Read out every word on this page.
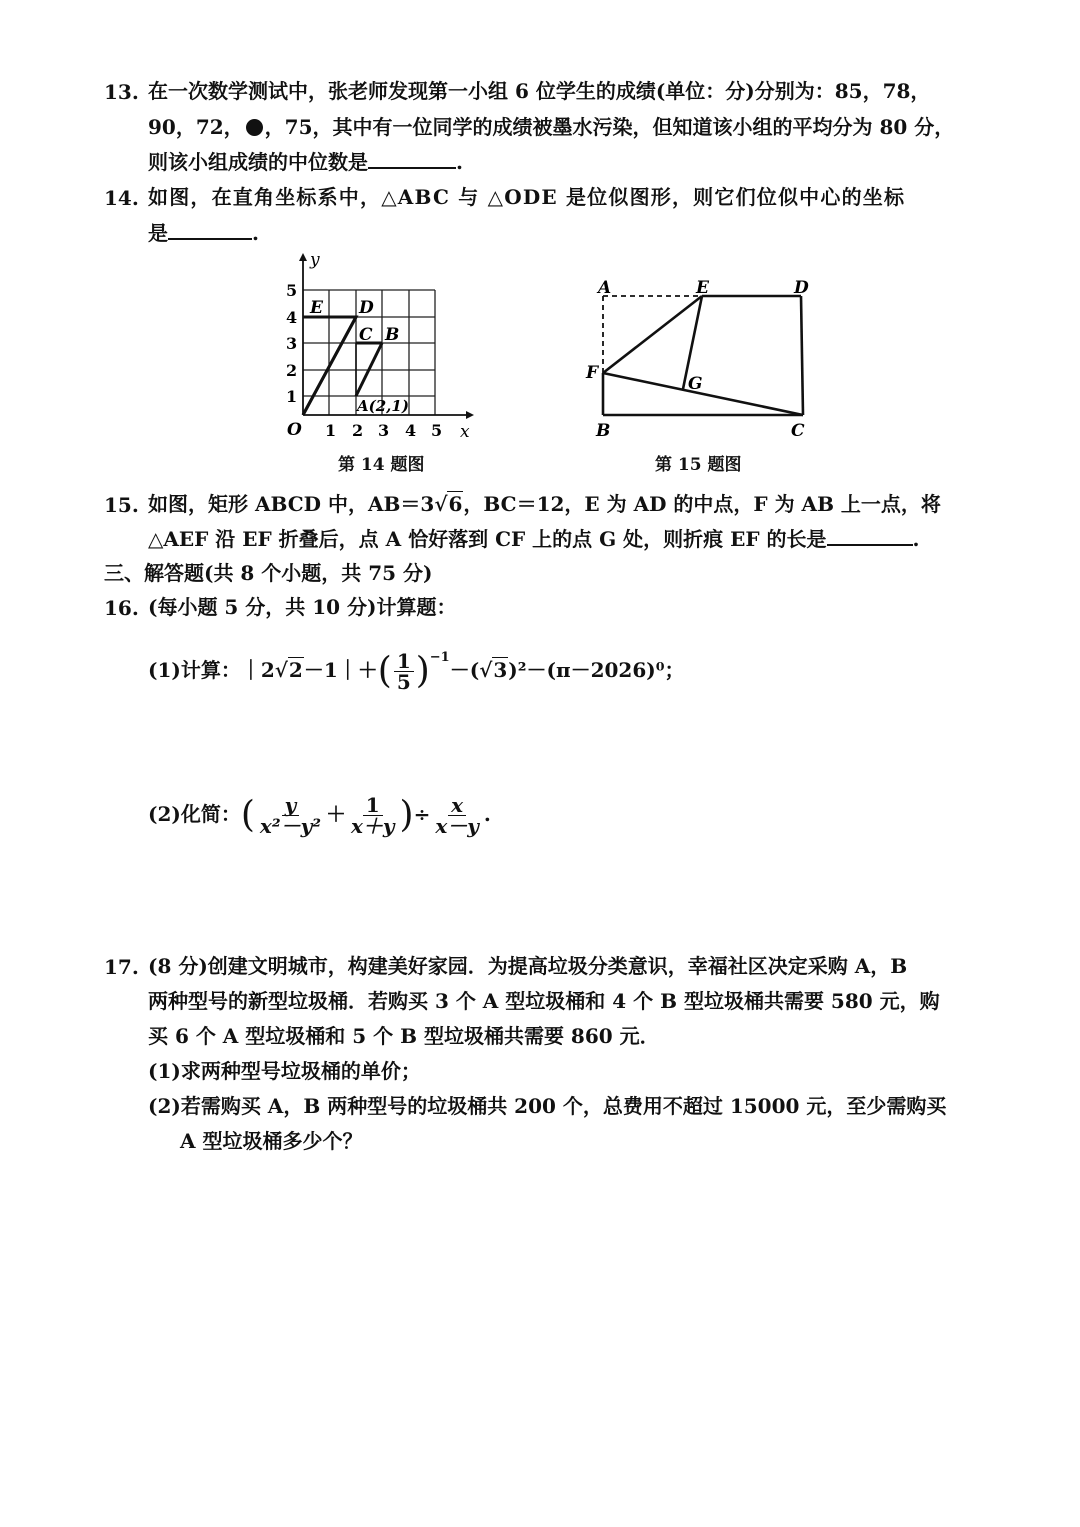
13. 在一次数学测试中，张老师发现第一小组 6 位学生的成绩(单位：分)分别为：85，78，
90，72， ，75，其中有一位同学的成绩被墨水污染，但知道该小组的平均分为 80 分，
则该小组成绩的中位数是	.
14. 如图，在直角坐标系中，△ABC 与 △ODE 是位似图形，则它们位似中心的坐标
是	.
y
x
O 1 2 3 4 5
1
2
3
4
5
E D
C B
A(2,1)
第 14 题图
A	E	D
F
G
B	C
第 15 题图
15. 如图，矩形 ABCD 中，AB＝3√6，BC＝12，E 为 AD 的中点，F 为 AB 上一点，将
△AEF 沿 EF 折叠后，点 A 恰好落到 CF 上的点 G 处，则折痕 EF 的长是	.
三、解答题(共 8 个小题，共 75 分)
16. (每小题 5 分，共 10 分)计算题：
(1)计算：｜2√2－1｜＋( $\frac{1}{5} )^{-1}-(√3)^2-(\pi-2026)^0$；
(2)化简：( $\frac{y}{\text{x²－y²}} + \frac{1}{x+y}$ )÷ $\frac{x}{x-y}$ .
17. (8 分)创建文明城市，构建美好家园．为提高垃圾分类意识，幸福社区决定采购 A，B
两种型号的新型垃圾桶．若购买 3 个 A 型垃圾桶和 4 个 B 型垃圾桶共需要 580 元，购
买 6 个 A 型垃圾桶和 5 个 B 型垃圾桶共需要 860 元．
(1)求两种型号垃圾桶的单价；
(2)若需购买 A，B 两种型号的垃圾桶共 200 个，总费用不超过 15000 元，至少需购买
A 型垃圾桶多少个？
